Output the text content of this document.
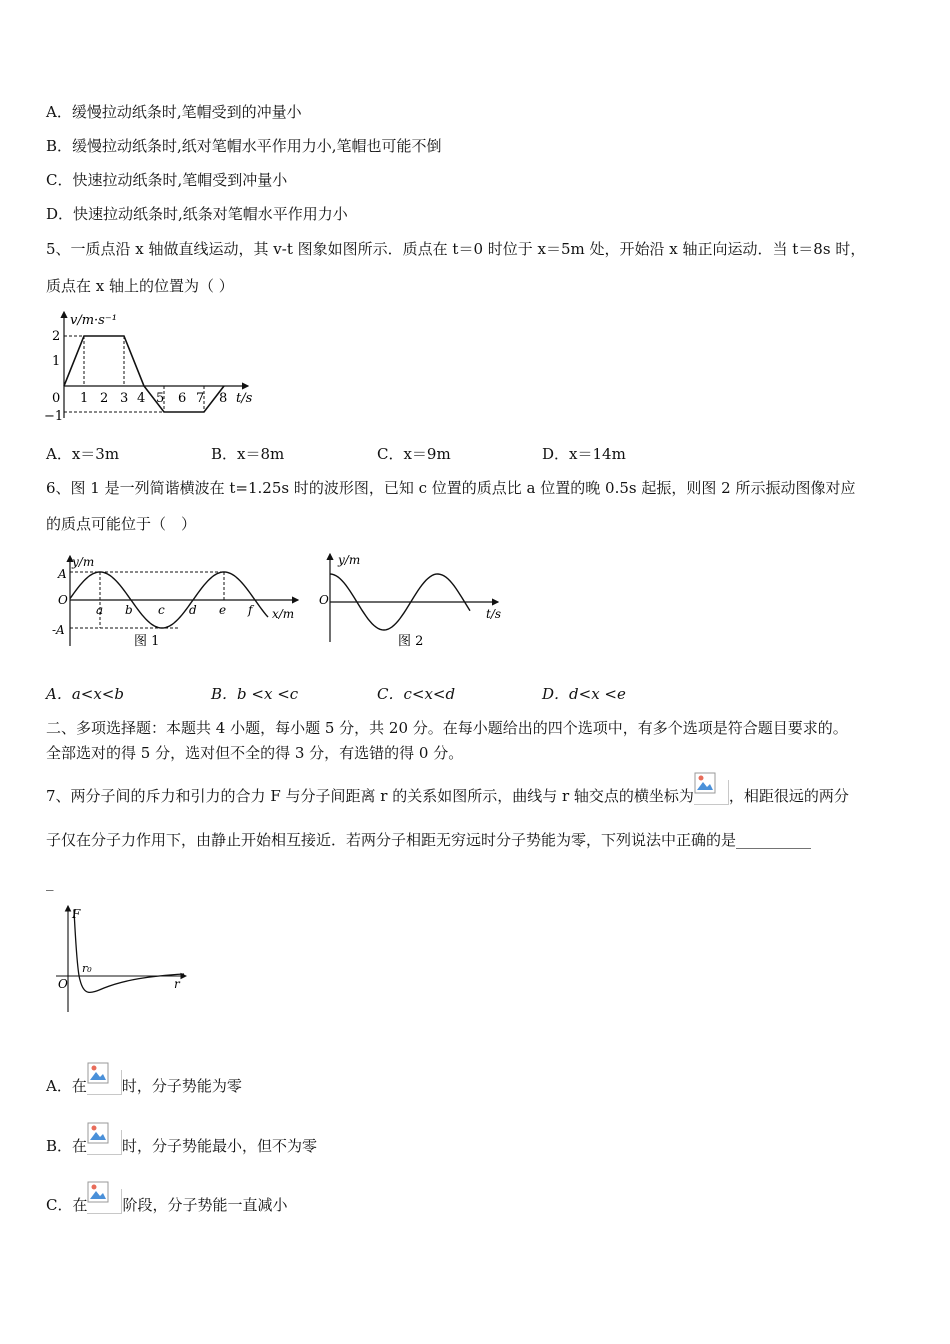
A．缓慢拉动纸条时,笔帽受到的冲量小
B．缓慢拉动纸条时,纸对笔帽水平作用力小,笔帽也可能不倒
C．快速拉动纸条时,笔帽受到冲量小
D．快速拉动纸条时,纸条对笔帽水平作用力小
5、一质点沿 x 轴做直线运动，其 v-t 图象如图所示．质点在 t＝0 时位于 x＝5m 处，开始沿 x 轴正向运动．当 t＝8s 时，
质点在 x 轴上的位置为（ ）
v/m·s⁻¹
t/s
2
1
0
−1
1 2 3 4 5 6 7 8
A．x＝3m	B．x＝8m	C．x＝9m	D．x＝14m
6、图 1 是一列简谐横波在 t=1.25s 时的波形图，已知 c 位置的质点比 a 位置的晚 0.5s 起振，则图 2 所示振动图像对应
的质点可能位于（　）
y/m
A
-A
O
a b c d e f x/m
图 1
y/m
O
t/s
图 2
A．a<x<b	B．b <x <c	C．c<x<d	D．d<x <e
二、多项选择题：本题共 4 小题，每小题 5 分，共 20 分。在每小题给出的四个选项中，有多个选项是符合题目要求的。
全部选对的得 5 分，选对但不全的得 3 分，有选错的得 0 分。
7、两分子间的斥力和引力的合力 F 与分子间距离 r 的关系如图所示，曲线与 r 轴交点的横坐标为 ，相距很远的两分
子仅在分子力作用下，由静止开始相互接近．若两分子相距无穷远时分子势能为零，下列说法中正确的是__________
_
F
r
O
r₀
A．在 时，分子势能为零
B．在 时，分子势能最小，但不为零
C．在 阶段，分子势能一直减小
